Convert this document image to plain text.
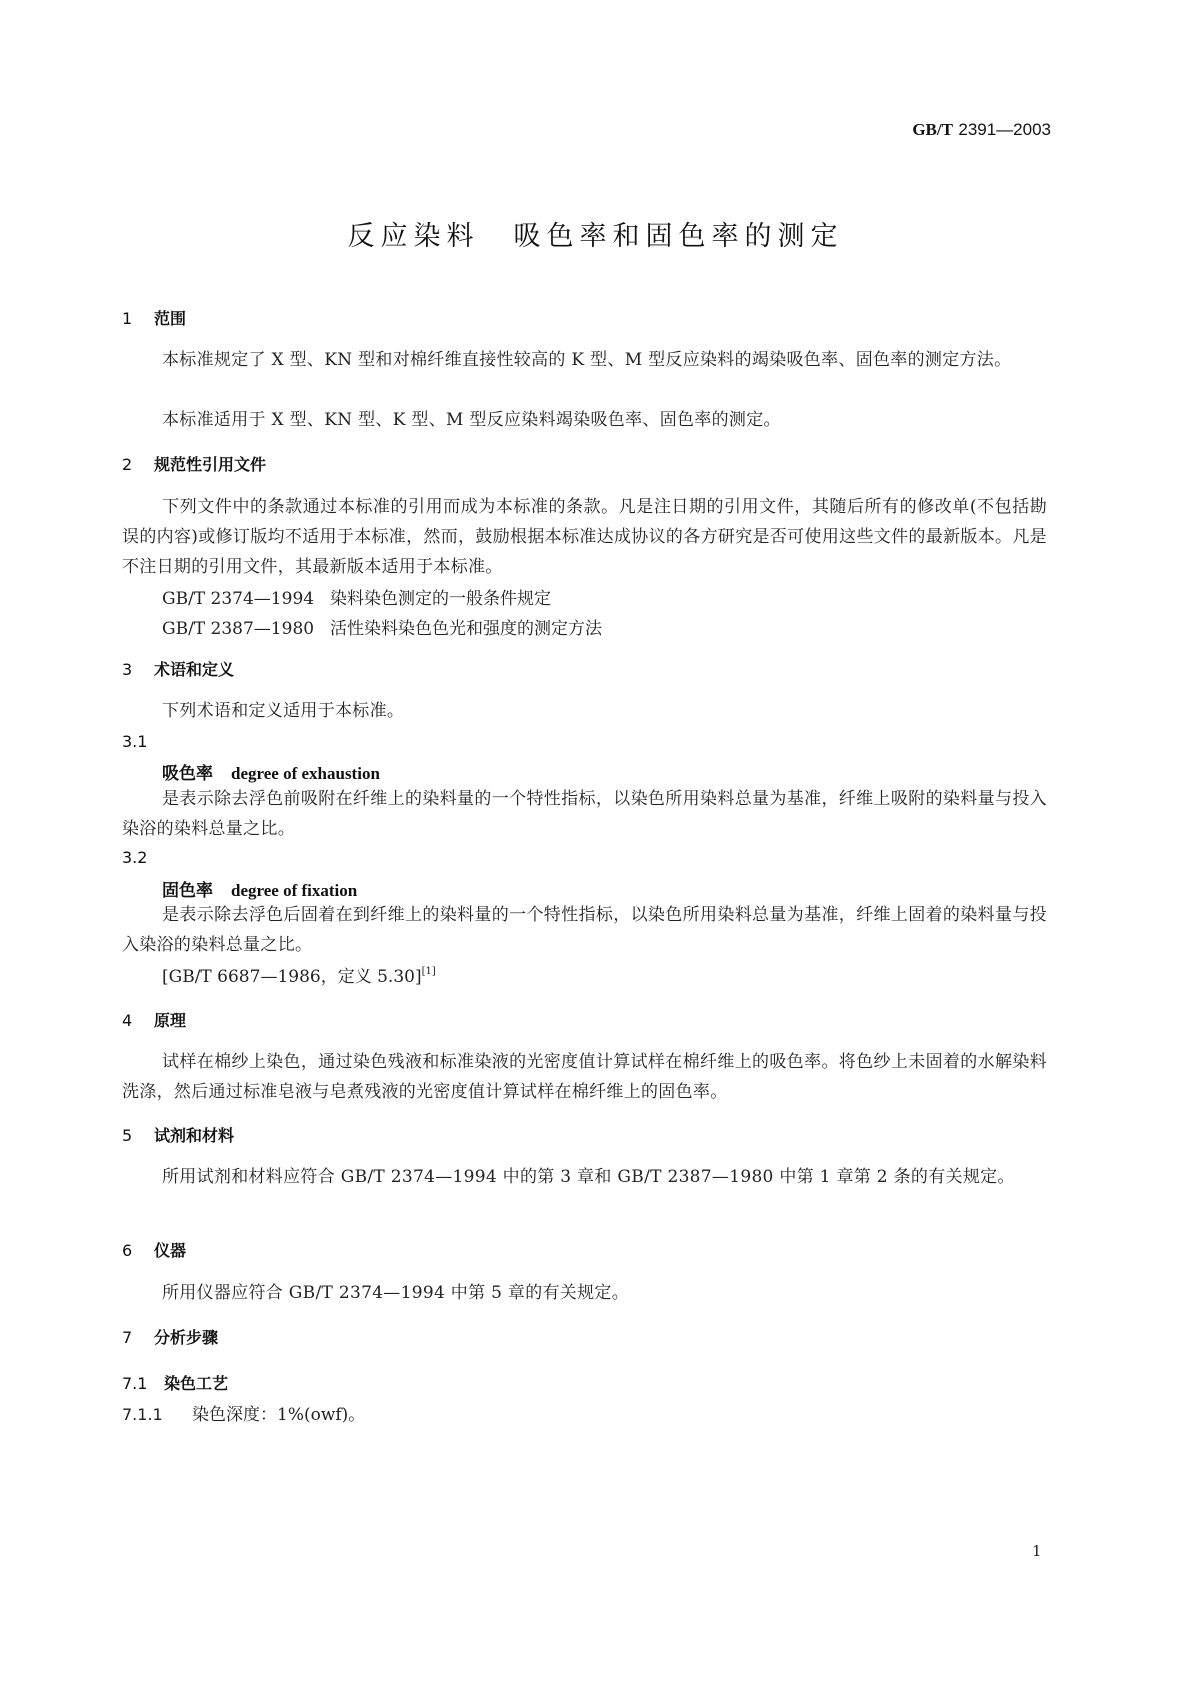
GB/T 2391—2003
反应染料 吸色率和固色率的测定
1 范围
本标准规定了 X 型、KN 型和对棉纤维直接性较高的 K 型、M 型反应染料的竭染吸色率、固色率的测定方法。
本标准适用于 X 型、KN 型、K 型、M 型反应染料竭染吸色率、固色率的测定。
2 规范性引用文件
下列文件中的条款通过本标准的引用而成为本标准的条款。凡是注日期的引用文件，其随后所有的修改单(不包括勘误的内容)或修订版均不适用于本标准，然而，鼓励根据本标准达成协议的各方研究是否可使用这些文件的最新版本。凡是不注日期的引用文件，其最新版本适用于本标准。
GB/T 2374—1994 染料染色测定的一般条件规定
GB/T 2387—1980 活性染料染色色光和强度的测定方法
3 术语和定义
下列术语和定义适用于本标准。
3.1
吸色率 degree of exhaustion
是表示除去浮色前吸附在纤维上的染料量的一个特性指标，以染色所用染料总量为基准，纤维上吸附的染料量与投入染浴的染料总量之比。
3.2
固色率 degree of fixation
是表示除去浮色后固着在到纤维上的染料量的一个特性指标，以染色所用染料总量为基准，纤维上固着的染料量与投入染浴的染料总量之比。
[GB/T 6687—1986，定义 5.30][1]
4 原理
试样在棉纱上染色，通过染色残液和标准染液的光密度值计算试样在棉纤维上的吸色率。将色纱上未固着的水解染料洗涤，然后通过标准皂液与皂煮残液的光密度值计算试样在棉纤维上的固色率。
5 试剂和材料
所用试剂和材料应符合 GB/T 2374—1994 中的第 3 章和 GB/T 2387—1980 中第 1 章第 2 条的有关规定。
6 仪器
所用仪器应符合 GB/T 2374—1994 中第 5 章的有关规定。
7 分析步骤
7.1 染色工艺
7.1.1 染色深度：1%(owf)。
1
